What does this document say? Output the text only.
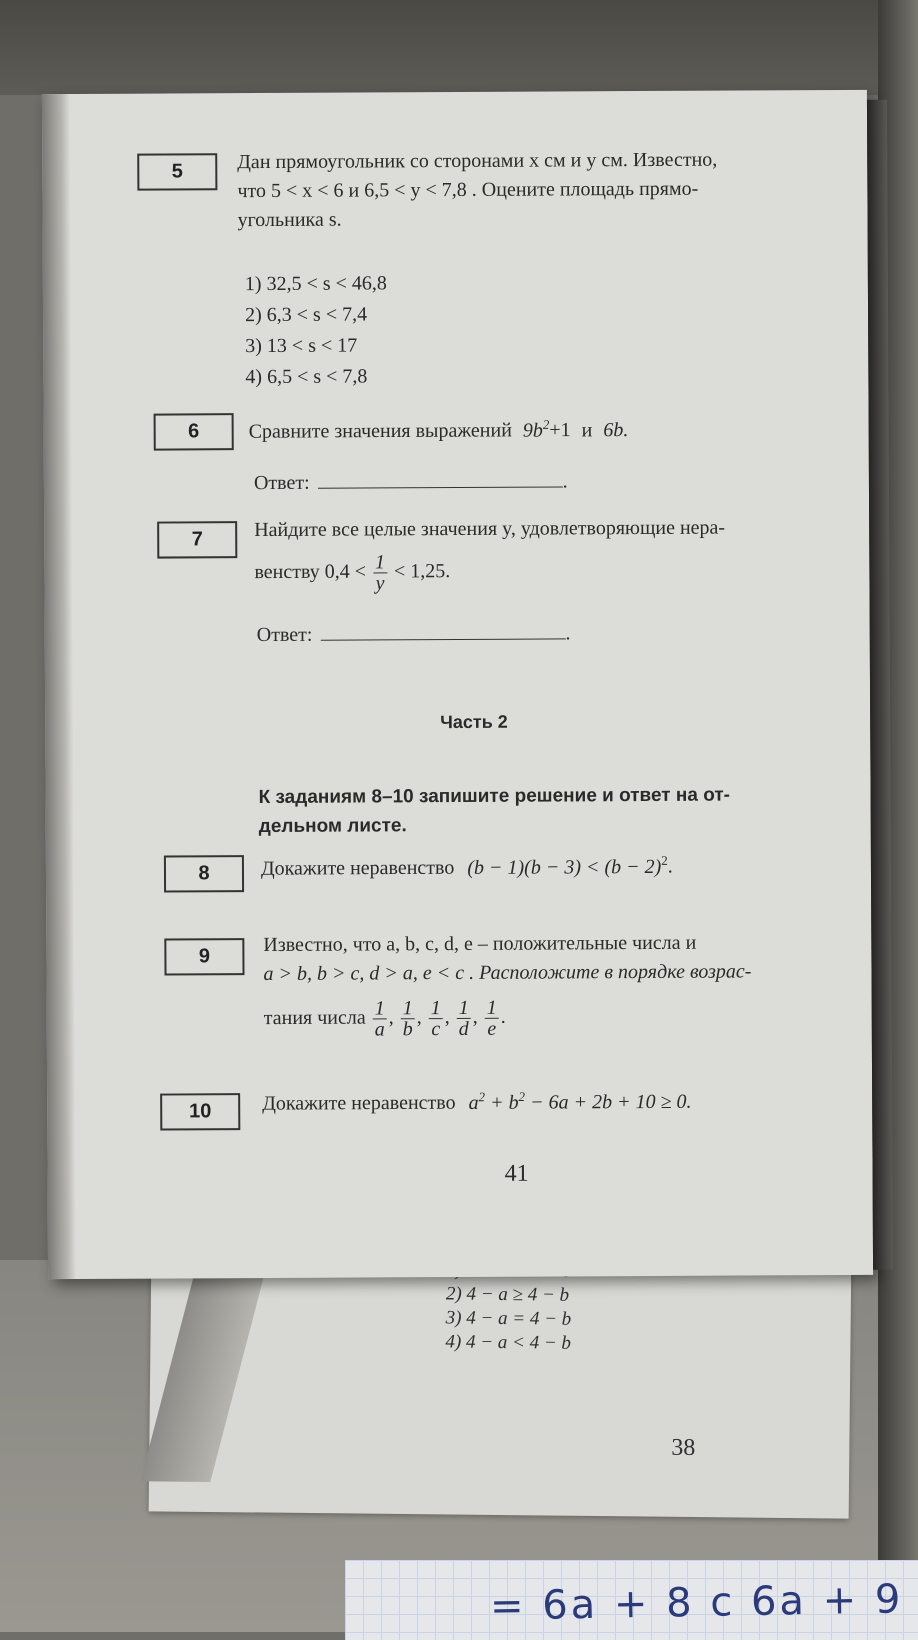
2) 4 − a ≥ 4 − b
3) 4 − a = 4 − b
4) 4 − a < 4 − b
38
= 6a + 8 c 6a + 9
5	Дан прямоугольник со сторонами x см и y см. Известно,
что 5 < x < 6 и 6,5 < y < 7,8 . Оцените площадь прямо-
угольника s.
1) 32,5 < s < 46,8
2) 6,3 < s < 7,4
3) 13 < s < 17
4) 6,5 < s < 7,8
6	Сравните значения выражений $9b^2+1$ и 6b.
Ответ:	.
7	Найдите все целые значения y, удовлетворяющие нера-
венству $0,4 < \frac{1}{y} < 1,25$.
Ответ:	.
Часть 2
К заданиям 8–10 запишите решение и ответ на от-
дельном листе.
8	Докажите неравенство $(b - 1)(b - 3) < (b - 2)^2$.
9
Известно, что a, b, c, d, e – положительные числа и
a > b, b > c, d > a, e < c . Расположите в порядке возрас-
тания числа $\frac{1}{a}$ , $\frac{1}{b}$ , $\frac{1}{c}$ , $\frac{1}{d}$ , $\frac{1}{e}$ .
10	Докажите неравенство $a^2 + b^2 - 6a + 2b + 10 \ge 0$.
41
